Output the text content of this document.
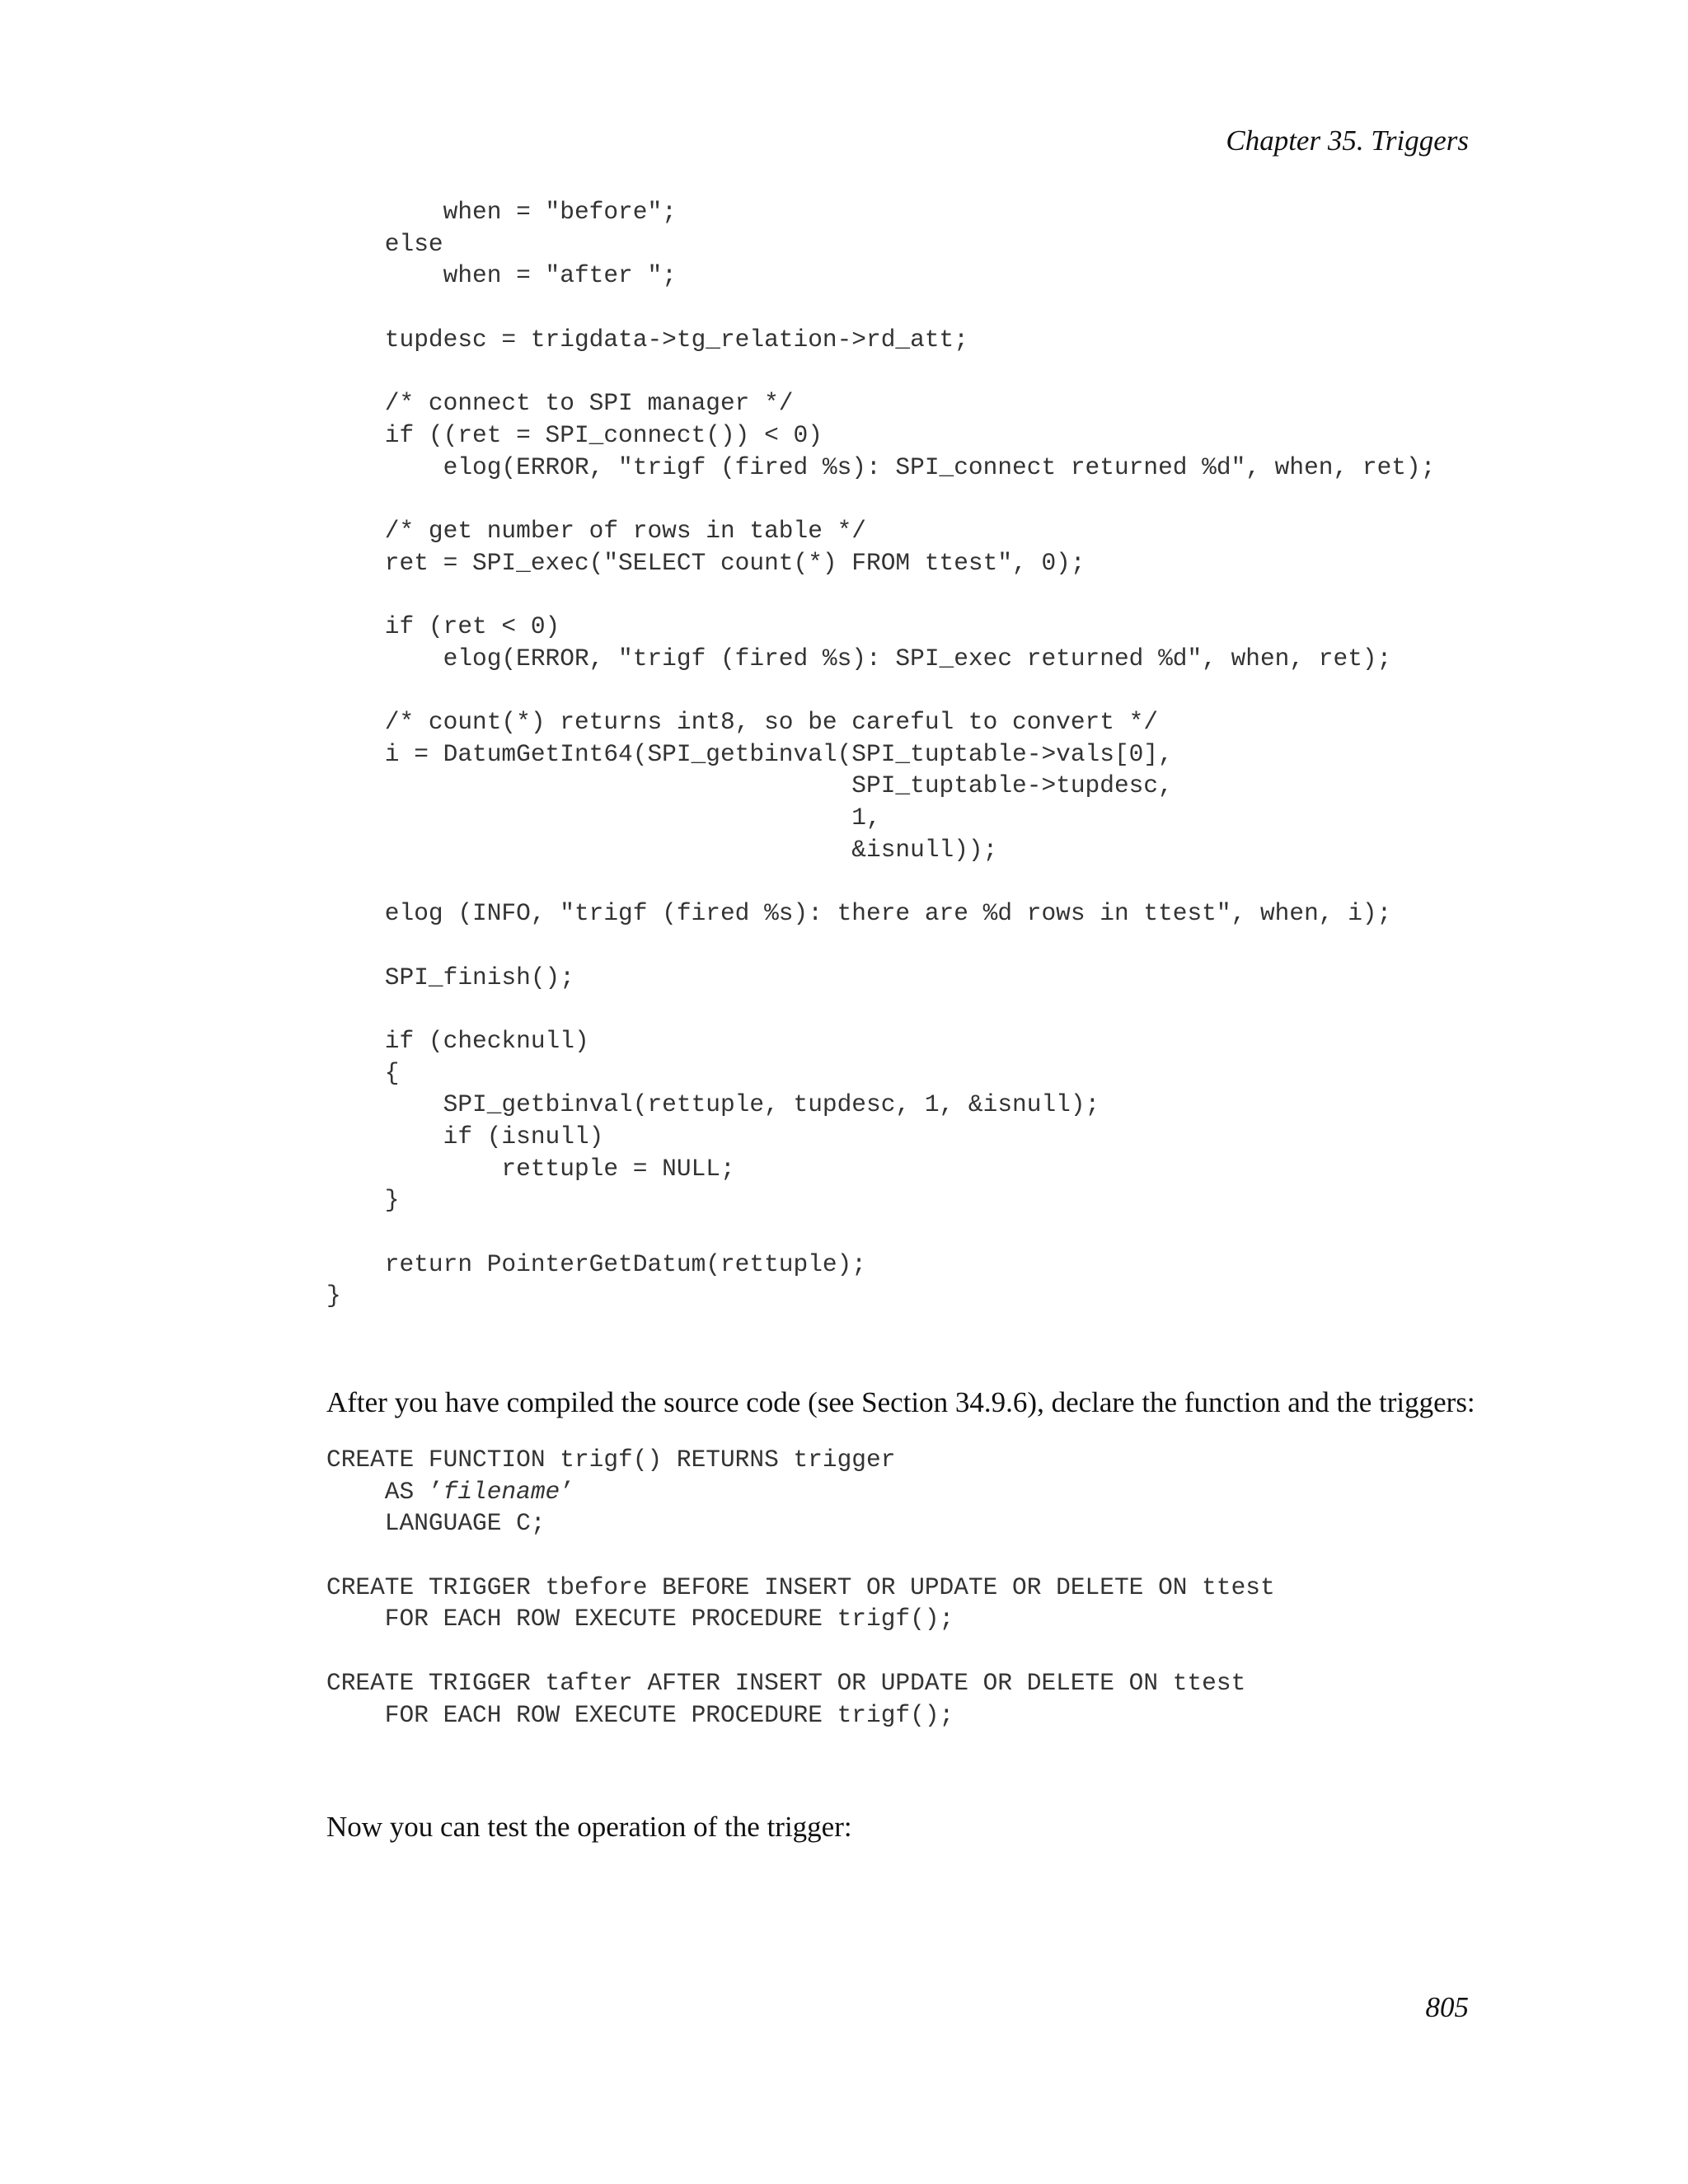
Chapter 35. Triggers
when = "before";
else
when = "after ";
tupdesc = trigdata->tg_relation->rd_att;
/* connect to SPI manager */
if ((ret = SPI_connect()) < 0)
elog(ERROR, "trigf (fired %s): SPI_connect returned %d", when, ret);
/* get number of rows in table */
ret = SPI_exec("SELECT count(*) FROM ttest", 0);
if (ret < 0)
elog(ERROR, "trigf (fired %s): SPI_exec returned %d", when, ret);
/* count(*) returns int8, so be careful to convert */
i = DatumGetInt64(SPI_getbinval(SPI_tuptable->vals[0],
SPI_tuptable->tupdesc,
1,
&isnull));
elog (INFO, "trigf (fired %s): there are %d rows in ttest", when, i);
SPI_finish();
if (checknull)
{
SPI_getbinval(rettuple, tupdesc, 1, &isnull);
if (isnull)
rettuple = NULL;
}
return PointerGetDatum(rettuple);
}

After you have compiled the source code (see Section 34.9.6), declare the function and the triggers:

CREATE FUNCTION trigf() RETURNS trigger
AS ’filename’
LANGUAGE C;
CREATE TRIGGER tbefore BEFORE INSERT OR UPDATE OR DELETE ON ttest
FOR EACH ROW EXECUTE PROCEDURE trigf();
CREATE TRIGGER tafter AFTER INSERT OR UPDATE OR DELETE ON ttest
FOR EACH ROW EXECUTE PROCEDURE trigf();

Now you can test the operation of the trigger:

805
